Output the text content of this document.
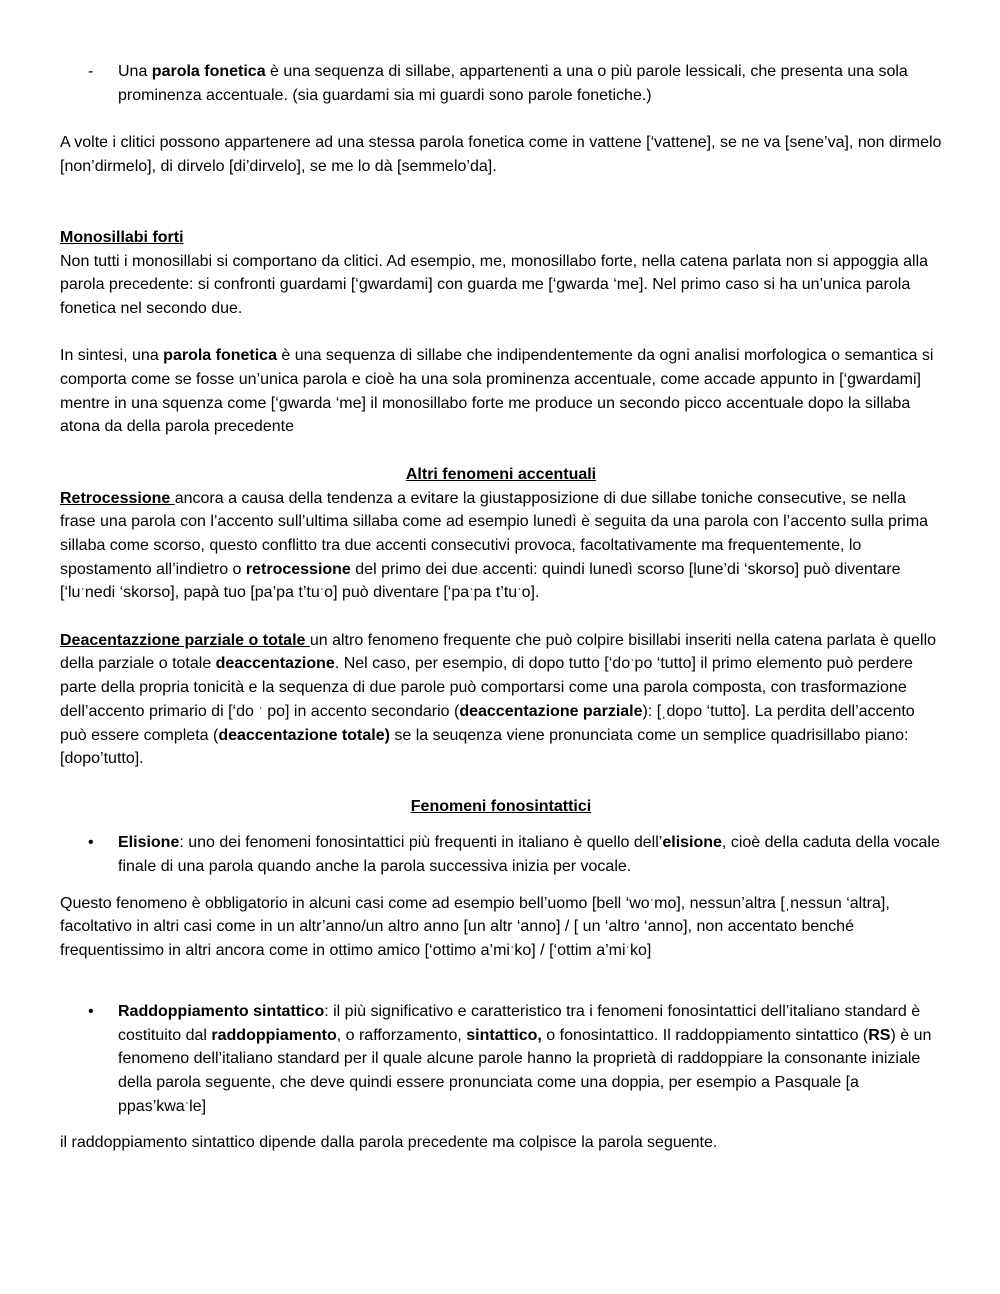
- Una parola fonetica è una sequenza di sillabe, appartenenti a una o più parole lessicali, che presenta una sola prominenza accentuale. (sia guardami sia mi guardi sono parole fonetiche.)

A volte i clitici possono appartenere ad una stessa parola fonetica come in vattene [‘vattene], se ne va [sene’va], non dirmelo [non’dirmelo], di dirvelo [di’dirvelo], se me lo dà [semmelo’da].

Monosillabi forti

Non tutti i monosillabi si comportano da clitici. Ad esempio, me, monosillabo forte, nella catena parlata non si appoggia alla parola precedente: si confronti guardami [‘gwardami] con guarda me [‘gwarda ‘me]. Nel primo caso si ha un’unica parola fonetica nel secondo due.

In sintesi, una parola fonetica è una sequenza di sillabe che indipendentemente da ogni analisi morfologica o semantica si comporta come se fosse un’unica parola e cioè ha una sola prominenza accentuale, come accade appunto in [‘gwardami] mentre in una squenza come [‘gwarda ‘me] il monosillabo forte me produce un secondo picco accentuale dopo la sillaba atona da della parola precedente

Altri fenomeni accentuali

Retrocessione ancora a causa della tendenza a evitare la giustapposizione di due sillabe toniche consecutive, se nella frase una parola con l’accento sull’ultima sillaba come ad esempio lunedì è seguita da una parola con l’accento sulla prima sillaba come scorso, questo conflitto tra due accenti consecutivi provoca, facoltativamente ma frequentemente, lo spostamento all’indietro o retrocessione del primo dei due accenti: quindi lunedì scorso [lune’di ‘skorso] può diventare [‘luˑnedi ‘skorso], papà tuo [pa’pa t’tuˑo] può diventare [‘paˑpa t’tuˑo].

Deacentazzione parziale o totale un altro fenomeno frequente che può colpire bisillabi inseriti nella catena parlata è quello della parziale o totale deaccentazione. Nel caso, per esempio, di dopo tutto [‘doˑpo ‘tutto] il primo elemento può perdere parte della propria tonicità e la sequenza di due parole può comportarsi come una parola composta, con trasformazione dell’accento primario di [‘do ˑ po] in accento secondario (deaccentazione parziale): [ˌdopo ‘tutto]. La perdita dell’accento può essere completa (deaccentazione totale) se la seuqenza viene pronunciata come un semplice quadrisillabo piano: [dopo’tutto].

Fenomeni fonosintattici

• Elisione: uno dei fenomeni fonosintattici più frequenti in italiano è quello dell’elisione, cioè della caduta della vocale finale di una parola quando anche la parola successiva inizia per vocale.

Questo fenomeno è obbligatorio in alcuni casi come ad esempio bell’uomo [bell ‘woˑmo], nessun’altra [ˌnessun ‘altra], facoltativo in altri casi come in un altr’anno/un altro anno [un altr ‘anno] / [ un ‘altro ‘anno], non accentato benché frequentissimo in altri ancora come in ottimo amico [‘ottimo a’miˑko] / [‘ottim a’miˑko]

• Raddoppiamento sintattico: il più significativo e caratteristico tra i fenomeni fonosintattici dell’italiano standard è costituito dal raddoppiamento, o rafforzamento, sintattico, o fonosintattico. Il raddoppiamento sintattico (RS) è un fenomeno dell’italiano standard per il quale alcune parole hanno la proprietà di raddoppiare la consonante iniziale della parola seguente, che deve quindi essere pronunciata come una doppia, per esempio a Pasquale [a ppas’kwaˑle]

il raddoppiamento sintattico dipende dalla parola precedente ma colpisce la parola seguente.
